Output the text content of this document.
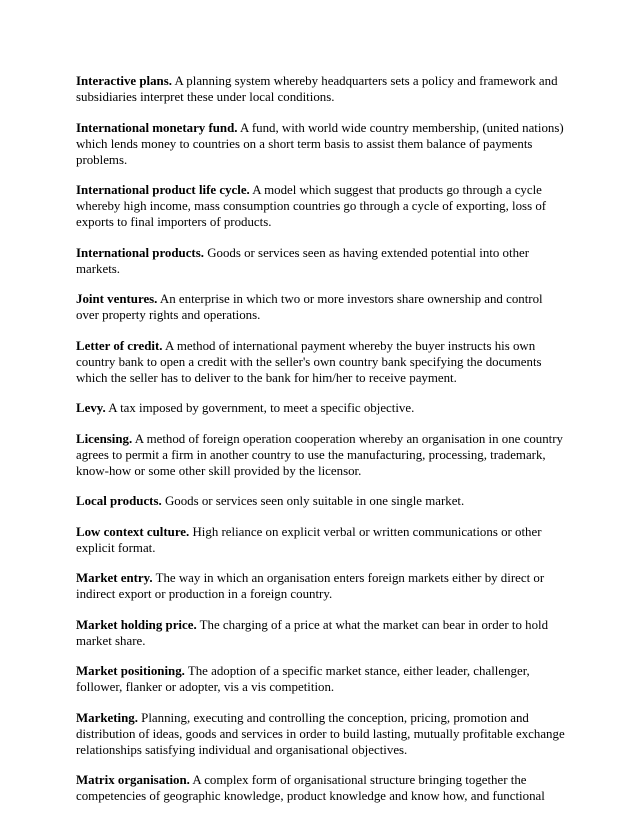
Interactive plans. A planning system whereby headquarters sets a policy and framework and subsidiaries interpret these under local conditions.

International monetary fund. A fund, with world wide country membership, (united nations) which lends money to countries on a short term basis to assist them balance of payments problems.

International product life cycle. A model which suggest that products go through a cycle whereby high income, mass consumption countries go through a cycle of exporting, loss of exports to final importers of products.

International products. Goods or services seen as having extended potential into other markets.

Joint ventures. An enterprise in which two or more investors share ownership and control over property rights and operations.

Letter of credit. A method of international payment whereby the buyer instructs his own country bank to open a credit with the seller's own country bank specifying the documents which the seller has to deliver to the bank for him/her to receive payment.

Levy. A tax imposed by government, to meet a specific objective.

Licensing. A method of foreign operation cooperation whereby an organisation in one country agrees to permit a firm in another country to use the manufacturing, processing, trademark, know-how or some other skill provided by the licensor.

Local products. Goods or services seen only suitable in one single market.

Low context culture. High reliance on explicit verbal or written communications or other explicit format.

Market entry. The way in which an organisation enters foreign markets either by direct or indirect export or production in a foreign country.

Market holding price. The charging of a price at what the market can bear in order to hold market share.

Market positioning. The adoption of a specific market stance, either leader, challenger, follower, flanker or adopter, vis a vis competition.

Marketing. Planning, executing and controlling the conception, pricing, promotion and distribution of ideas, goods and services in order to build lasting, mutually profitable exchange relationships satisfying individual and organisational objectives.

Matrix organisation. A complex form of organisational structure bringing together the competencies of geographic knowledge, product knowledge and know how, and functional
